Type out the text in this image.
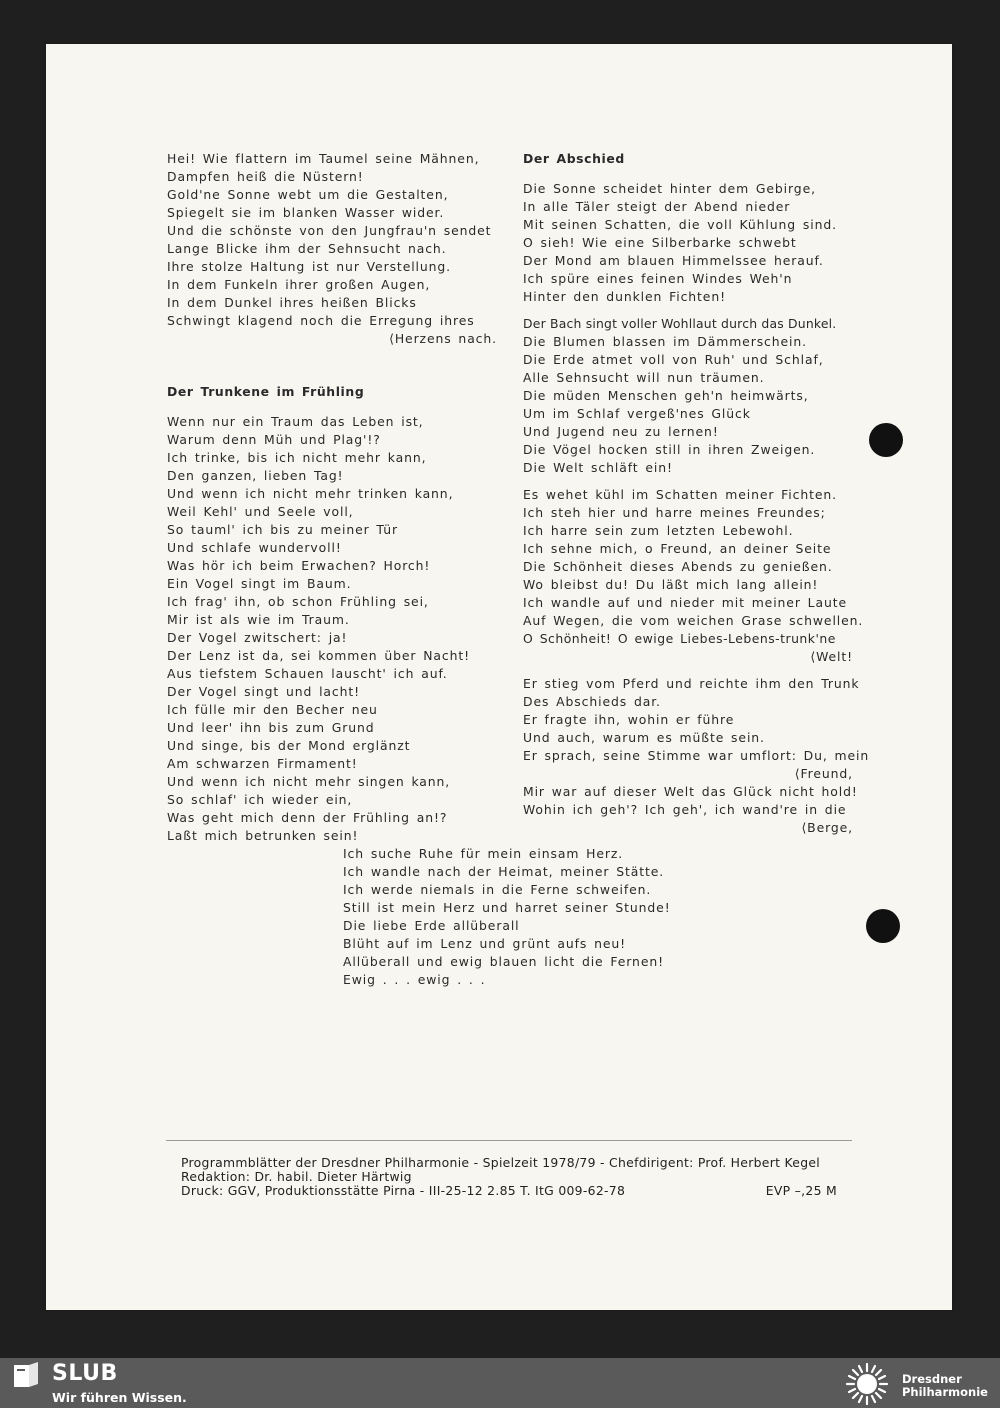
Hei! Wie flattern im Taumel seine Mähnen,
Dampfen heiß die Nüstern!
Gold'ne Sonne webt um die Gestalten,
Spiegelt sie im blanken Wasser wider.
Und die schönste von den Jungfrau'n sendet
Lange Blicke ihm der Sehnsucht nach.
Ihre stolze Haltung ist nur Verstellung.
In dem Funkeln ihrer großen Augen,
In dem Dunkel ihres heißen Blicks
Schwingt klagend noch die Erregung ihres
⟨Herzens nach.
Der Trunkene im Frühling
Wenn nur ein Traum das Leben ist,
Warum denn Müh und Plag'!?
Ich trinke, bis ich nicht mehr kann,
Den ganzen, lieben Tag!
Und wenn ich nicht mehr trinken kann,
Weil Kehl' und Seele voll,
So tauml' ich bis zu meiner Tür
Und schlafe wundervoll!
Was hör ich beim Erwachen? Horch!
Ein Vogel singt im Baum.
Ich frag' ihn, ob schon Frühling sei,
Mir ist als wie im Traum.
Der Vogel zwitschert: ja!
Der Lenz ist da, sei kommen über Nacht!
Aus tiefstem Schauen lauscht' ich auf.
Der Vogel singt und lacht!
Ich fülle mir den Becher neu
Und leer' ihn bis zum Grund
Und singe, bis der Mond erglänzt
Am schwarzen Firmament!
Und wenn ich nicht mehr singen kann,
So schlaf' ich wieder ein,
Was geht mich denn der Frühling an!?
Laßt mich betrunken sein!
Der Abschied
Die Sonne scheidet hinter dem Gebirge,
In alle Täler steigt der Abend nieder
Mit seinen Schatten, die voll Kühlung sind.
O sieh! Wie eine Silberbarke schwebt
Der Mond am blauen Himmelssee herauf.
Ich spüre eines feinen Windes Weh'n
Hinter den dunklen Fichten!
Der Bach singt voller Wohllaut durch das Dunkel.
Die Blumen blassen im Dämmerschein.
Die Erde atmet voll von Ruh' und Schlaf,
Alle Sehnsucht will nun träumen.
Die müden Menschen geh'n heimwärts,
Um im Schlaf vergeß'nes Glück
Und Jugend neu zu lernen!
Die Vögel hocken still in ihren Zweigen.
Die Welt schläft ein!
Es wehet kühl im Schatten meiner Fichten.
Ich steh hier und harre meines Freundes;
Ich harre sein zum letzten Lebewohl.
Ich sehne mich, o Freund, an deiner Seite
Die Schönheit dieses Abends zu genießen.
Wo bleibst du! Du läßt mich lang allein!
Ich wandle auf und nieder mit meiner Laute
Auf Wegen, die vom weichen Grase schwellen.
O Schönheit! O ewige Liebes-Lebens-trunk'ne
⟨Welt!
Er stieg vom Pferd und reichte ihm den Trunk
Des Abschieds dar.
Er fragte ihn, wohin er führe
Und auch, warum es müßte sein.
Er sprach, seine Stimme war umflort: Du, mein
⟨Freund,
Mir war auf dieser Welt das Glück nicht hold!
Wohin ich geh'? Ich geh', ich wand're in die
⟨Berge,
Ich suche Ruhe für mein einsam Herz.
Ich wandle nach der Heimat, meiner Stätte.
Ich werde niemals in die Ferne schweifen.
Still ist mein Herz und harret seiner Stunde!
Die liebe Erde allüberall
Blüht auf im Lenz und grünt aufs neu!
Allüberall und ewig blauen licht die Fernen!
Ewig . . . ewig . . .
Programmblätter der Dresdner Philharmonie - Spielzeit 1978/79 - Chefdirigent: Prof. Herbert Kegel
Redaktion: Dr. habil. Dieter Härtwig
Druck: GGV, Produktionsstätte Pirna - III-25-12 2.85 T. ItG 009-62-78	EVP –,25 M
SLUB
Wir führen Wissen.
Dresdner
Philharmonie
